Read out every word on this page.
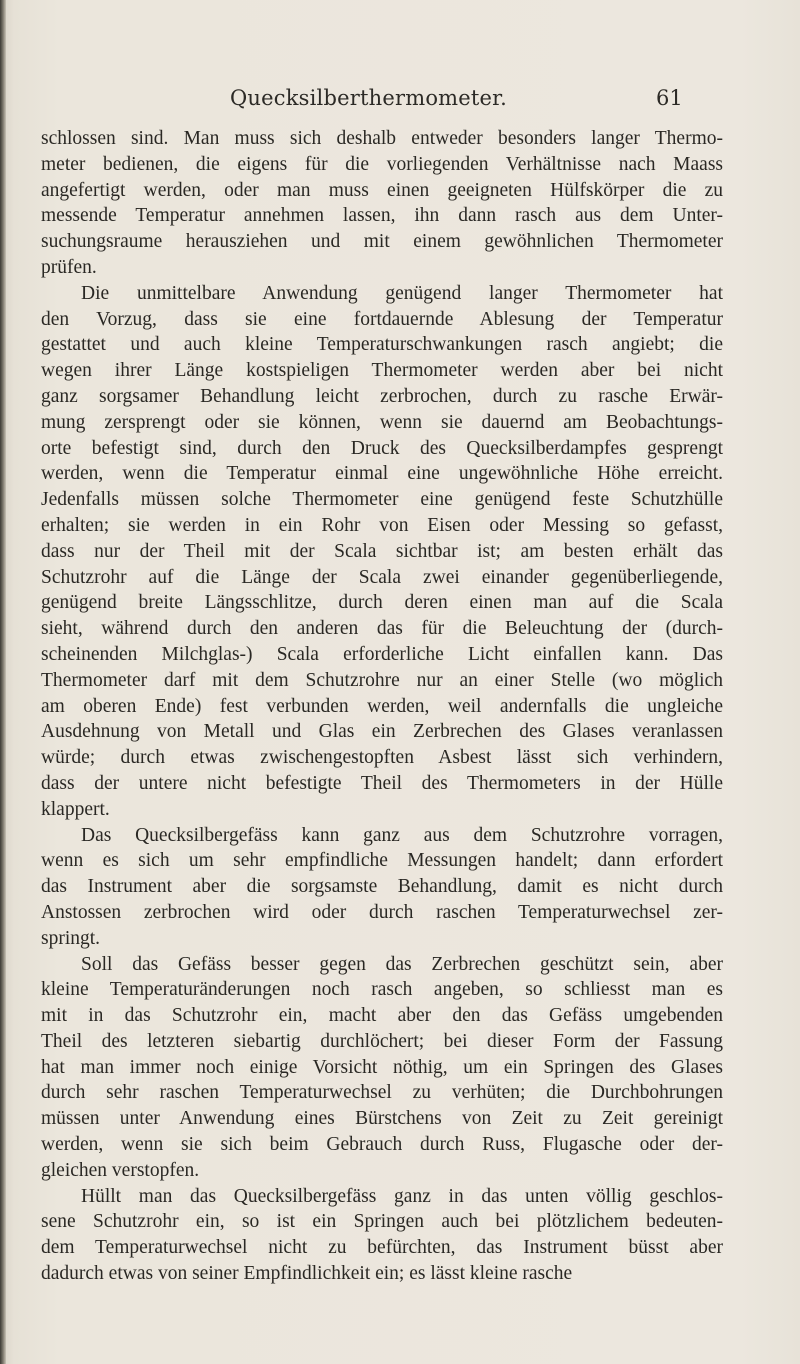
Quecksilberthermometer.	61
schlossen sind. Man muss sich deshalb entweder besonders langer Thermo-
meter bedienen, die eigens für die vorliegenden Verhältnisse nach Maass
angefertigt werden, oder man muss einen geeigneten Hülfskörper die zu
messende Temperatur annehmen lassen, ihn dann rasch aus dem Unter-
suchungsraume herausziehen und mit einem gewöhnlichen Thermometer
prüfen.
Die unmittelbare Anwendung genügend langer Thermometer hat
den Vorzug, dass sie eine fortdauernde Ablesung der Temperatur
gestattet und auch kleine Temperaturschwankungen rasch angiebt; die
wegen ihrer Länge kostspieligen Thermometer werden aber bei nicht
ganz sorgsamer Behandlung leicht zerbrochen, durch zu rasche Erwär-
mung zersprengt oder sie können, wenn sie dauernd am Beobachtungs-
orte befestigt sind, durch den Druck des Quecksilberdampfes gesprengt
werden, wenn die Temperatur einmal eine ungewöhnliche Höhe erreicht.
Jedenfalls müssen solche Thermometer eine genügend feste Schutzhülle
erhalten; sie werden in ein Rohr von Eisen oder Messing so gefasst,
dass nur der Theil mit der Scala sichtbar ist; am besten erhält das
Schutzrohr auf die Länge der Scala zwei einander gegenüberliegende,
genügend breite Längsschlitze, durch deren einen man auf die Scala
sieht, während durch den anderen das für die Beleuchtung der (durch-
scheinenden Milchglas-) Scala erforderliche Licht einfallen kann. Das
Thermometer darf mit dem Schutzrohre nur an einer Stelle (wo möglich
am oberen Ende) fest verbunden werden, weil andernfalls die ungleiche
Ausdehnung von Metall und Glas ein Zerbrechen des Glases veranlassen
würde; durch etwas zwischengestopften Asbest lässt sich verhindern,
dass der untere nicht befestigte Theil des Thermometers in der Hülle
klappert.
Das Quecksilbergefäss kann ganz aus dem Schutzrohre vorragen,
wenn es sich um sehr empfindliche Messungen handelt; dann erfordert
das Instrument aber die sorgsamste Behandlung, damit es nicht durch
Anstossen zerbrochen wird oder durch raschen Temperaturwechsel zer-
springt.
Soll das Gefäss besser gegen das Zerbrechen geschützt sein, aber
kleine Temperaturänderungen noch rasch angeben, so schliesst man es
mit in das Schutzrohr ein, macht aber den das Gefäss umgebenden
Theil des letzteren siebartig durchlöchert; bei dieser Form der Fassung
hat man immer noch einige Vorsicht nöthig, um ein Springen des Glases
durch sehr raschen Temperaturwechsel zu verhüten; die Durchbohrungen
müssen unter Anwendung eines Bürstchens von Zeit zu Zeit gereinigt
werden, wenn sie sich beim Gebrauch durch Russ, Flugasche oder der-
gleichen verstopfen.
Hüllt man das Quecksilbergefäss ganz in das unten völlig geschlos-
sene Schutzrohr ein, so ist ein Springen auch bei plötzlichem bedeuten-
dem Temperaturwechsel nicht zu befürchten, das Instrument büsst aber
dadurch etwas von seiner Empfindlichkeit ein; es lässt kleine rasche
